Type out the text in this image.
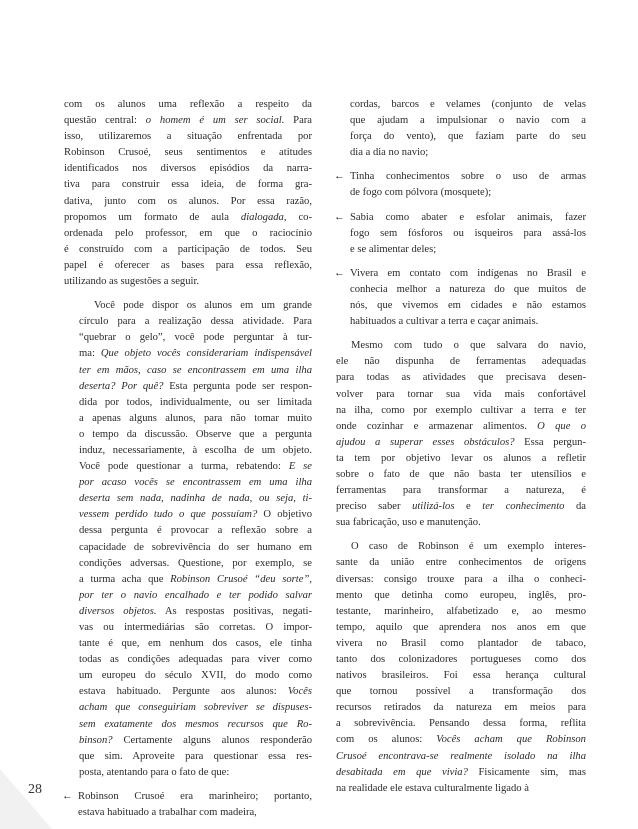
com os alunos uma reflexão a respeito da
questão central: o homem é um ser social. Para
isso, utilizaremos a situação enfrentada por
Robinson Crusoé, seus sentimentos e atitudes
identificados nos diversos episódios da narra-
tiva para construir essa ideia, de forma gra-
dativa, junto com os alunos. Por essa razão,
propomos um formato de aula dialogada, co-
ordenada pelo professor, em que o raciocínio
é construído com a participação de todos. Seu
papel é oferecer as bases para essa reflexão,
utilizando as sugestões a seguir.
Você pode dispor os alunos em um grande
círculo para a realização dessa atividade. Para
“quebrar o gelo”, você pode perguntar à tur-
ma: Que objeto vocês considerariam indispensável
ter em mãos, caso se encontrassem em uma ilha
deserta? Por quê? Esta pergunta pode ser respon-
dida por todos, individualmente, ou ser limitada
a apenas alguns alunos, para não tomar muito
o tempo da discussão. Observe que a pergunta
induz, necessariamente, à escolha de um objeto.
Você pode questionar a turma, rebatendo: E se
por acaso vocês se encontrassem em uma ilha
deserta sem nada, nadinha de nada, ou seja, ti-
vessem perdido tudo o que possuíam? O objetivo
dessa pergunta é provocar a reflexão sobre a
capacidade de sobrevivência do ser humano em
condições adversas. Questione, por exemplo, se
a turma acha que Robinson Crusoé “deu sorte”,
por ter o navio encalhado e ter podido salvar
diversos objetos. As respostas positivas, negati-
vas ou intermediárias são corretas. O impor-
tante é que, em nenhum dos casos, ele tinha
todas as condições adequadas para viver como
um europeu do século XVII, do modo como
estava habituado. Pergunte aos alunos: Vocês
acham que conseguiriam sobreviver se dispuses-
sem exatamente dos mesmos recursos que Ro-
binson? Certamente alguns alunos responderão
que sim. Aproveite para questionar essa res-
posta, atentando para o fato de que:
← Robinson Crusoé era marinheiro; portanto,
estava habituado a trabalhar com madeira,
cordas, barcos e velames (conjunto de velas
que ajudam a impulsionar o navio com a
força do vento), que faziam parte do seu
dia a dia no navio;
← Tinha conhecimentos sobre o uso de armas
de fogo com pólvora (mosquete);
← Sabia como abater e esfolar animais, fazer
fogo sem fósforos ou isqueiros para assá-los
e se alimentar deles;
← Vivera em contato com indígenas no Brasil e
conhecia melhor a natureza do que muitos de
nós, que vivemos em cidades e não estamos
habituados a cultivar a terra e caçar animais.
Mesmo com tudo o que salvara do navio,
ele não dispunha de ferramentas adequadas
para todas as atividades que precisava desen-
volver para tornar sua vida mais confortável
na ilha, como por exemplo cultivar a terra e ter
onde cozinhar e armazenar alimentos. O que o
ajudou a superar esses obstáculos? Essa pergun-
ta tem por objetivo levar os alunos a refletir
sobre o fato de que não basta ter utensílios e
ferramentas para transformar a natureza, é
preciso saber utilizá-los e ter conhecimento da
sua fabricação, uso e manutenção.
O caso de Robinson é um exemplo interes-
sante da união entre conhecimentos de origens
diversas: consigo trouxe para a ilha o conheci-
mento que detinha como europeu, inglês, pro-
testante, marinheiro, alfabetizado e, ao mesmo
tempo, aquilo que aprendera nos anos em que
vivera no Brasil como plantador de tabaco,
tanto dos colonizadores portugueses como dos
nativos brasileiros. Foi essa herança cultural
que tornou possível a transformação dos
recursos retirados da natureza em meios para
a sobrevivência. Pensando dessa forma, reflita
com os alunos: Vocês acham que Robinson
Crusoé encontrava-se realmente isolado na ilha
desabitada em que vivia? Fisicamente sim, mas
na realidade ele estava culturalmente ligado à
28
